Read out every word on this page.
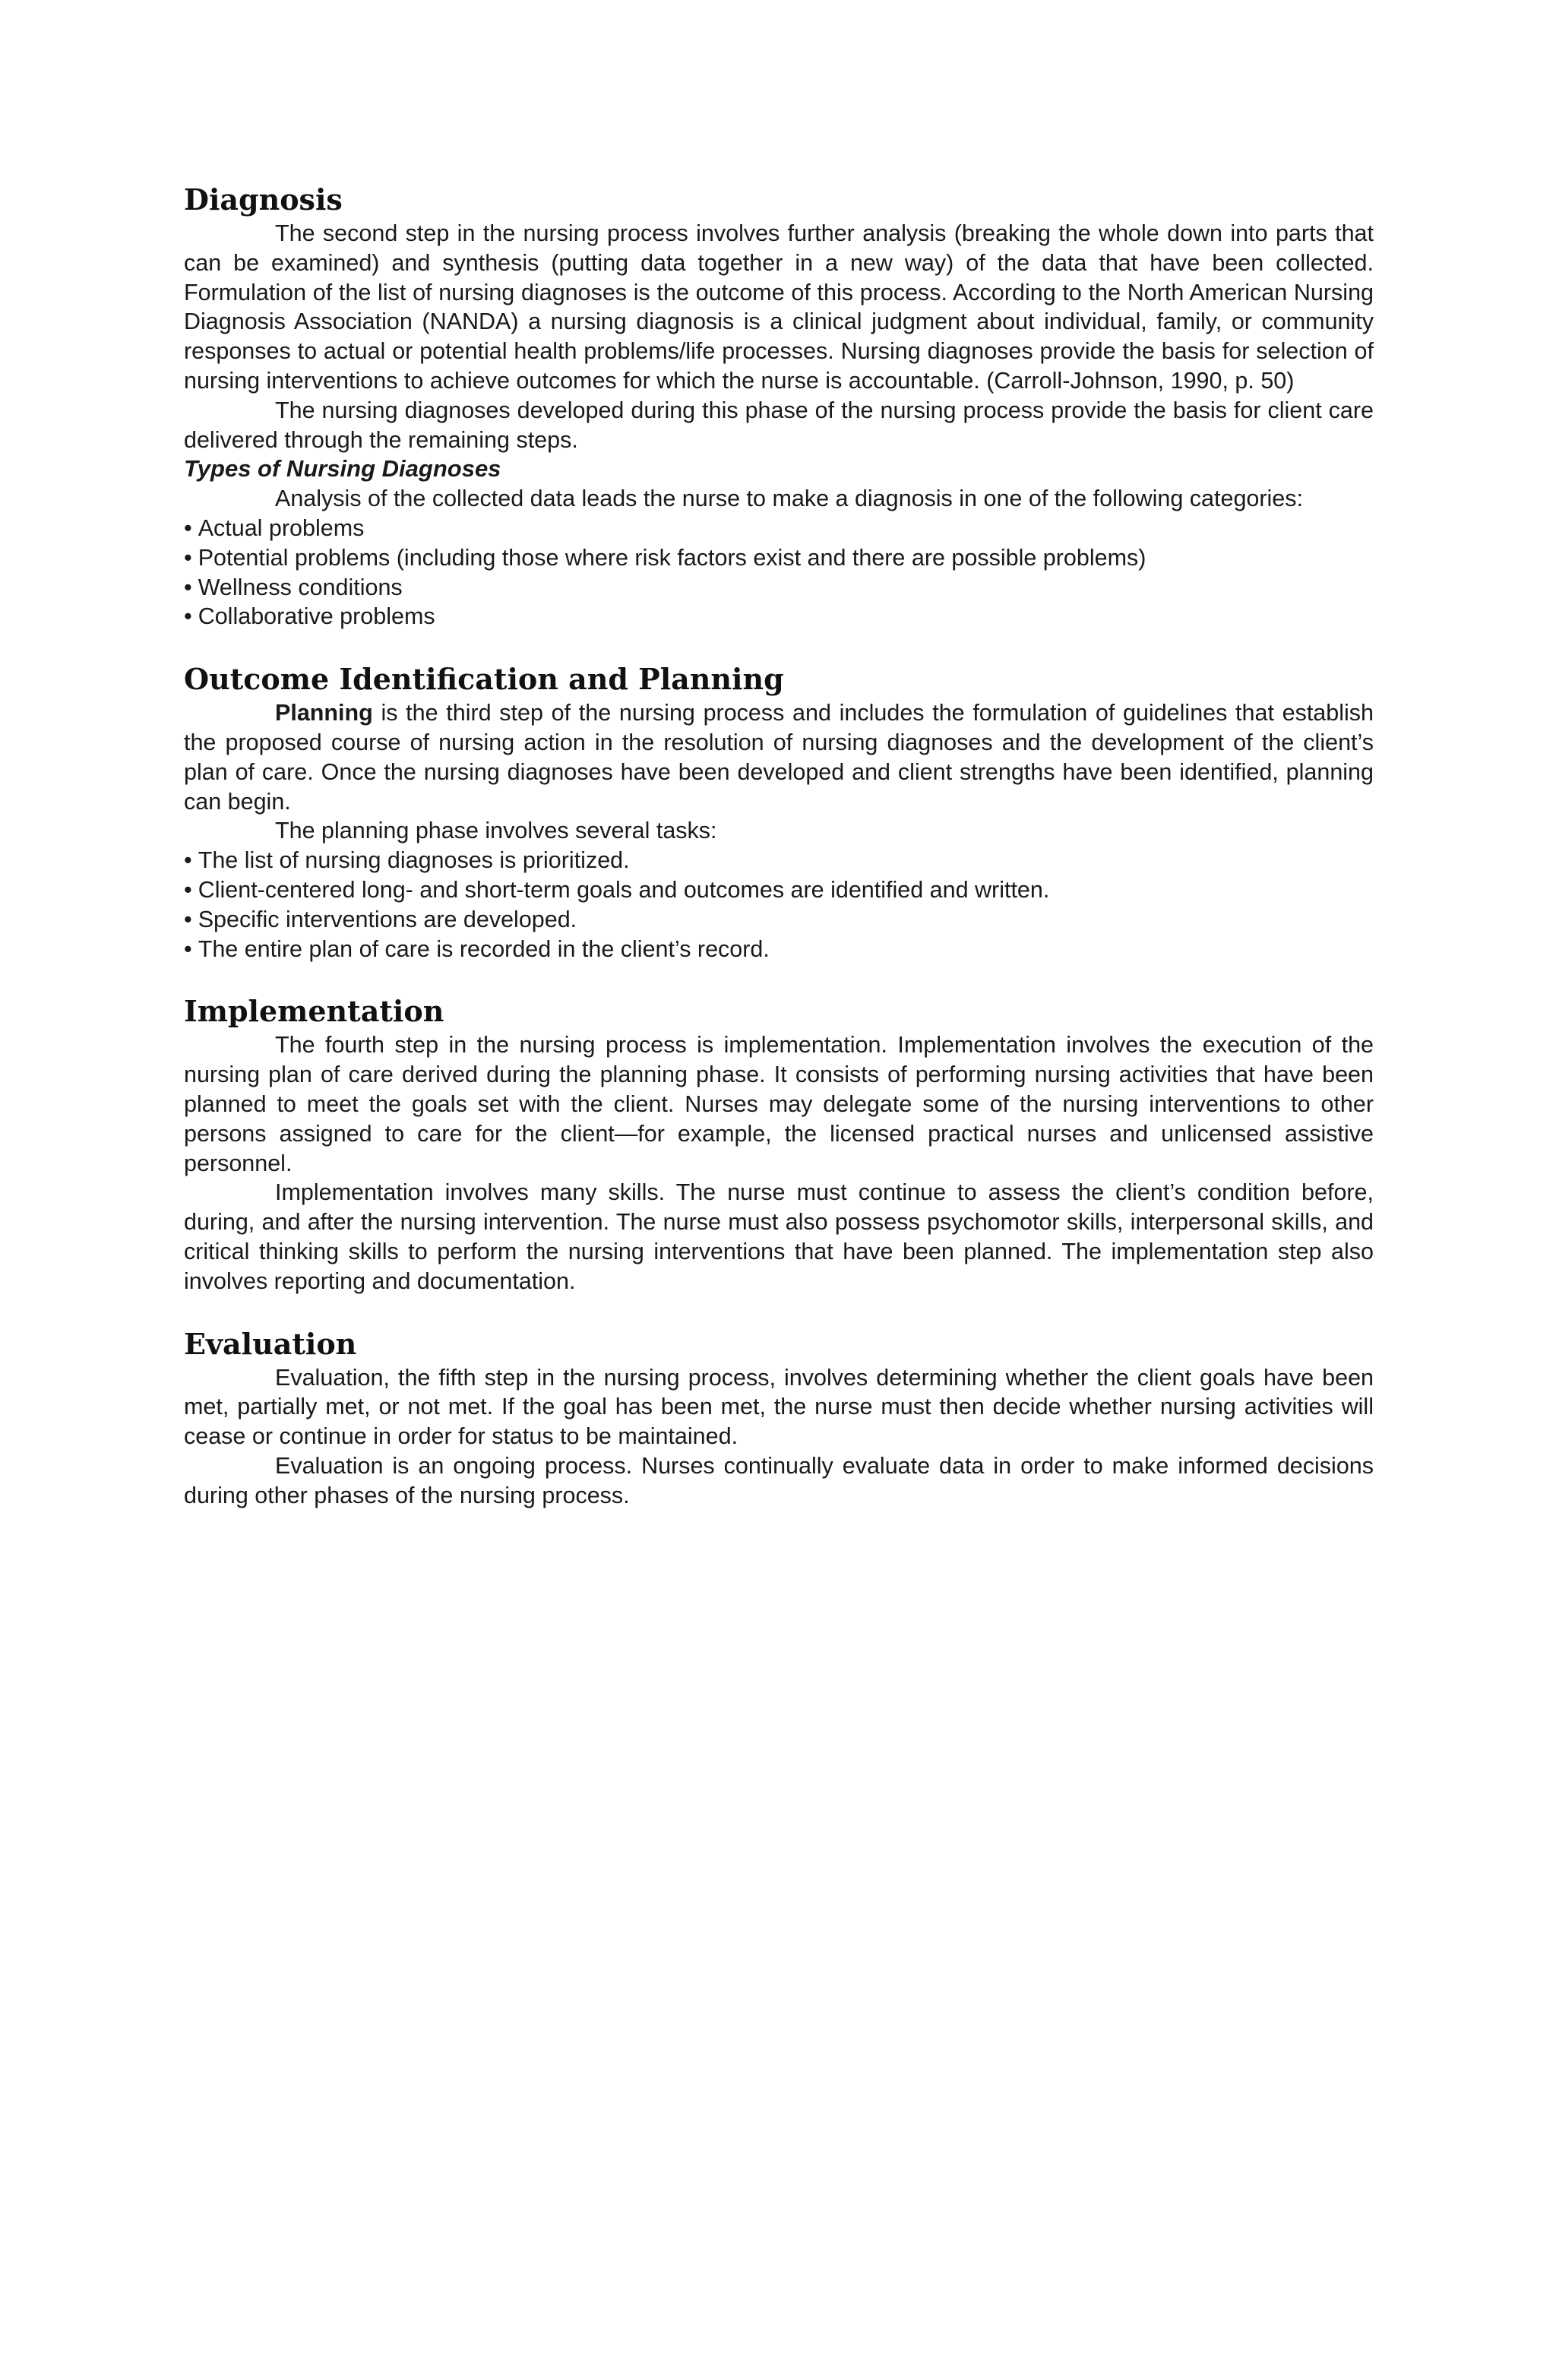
Diagnosis

The second step in the nursing process involves further analysis (breaking the whole down into parts that can be examined) and synthesis (putting data together in a new way) of the data that have been collected. Formulation of the list of nursing diagnoses is the outcome of this process. According to the North American Nursing Diagnosis Association (NANDA) a nursing diagnosis is a clinical judgment about individual, family, or community responses to actual or potential health problems/life processes. Nursing diagnoses provide the basis for selection of nursing interventions to achieve outcomes for which the nurse is accountable. (Carroll-Johnson, 1990, p. 50)

The nursing diagnoses developed during this phase of the nursing process provide the basis for client care delivered through the remaining steps.

Types of Nursing Diagnoses

Analysis of the collected data leads the nurse to make a diagnosis in one of the following categories:

• Actual problems
• Potential problems (including those where risk factors exist and there are possible problems)
• Wellness conditions
• Collaborative problems
Outcome Identification and Planning

Planning is the third step of the nursing process and includes the formulation of guidelines that establish the proposed course of nursing action in the resolution of nursing diagnoses and the development of the client’s plan of care. Once the nursing diagnoses have been developed and client strengths have been identified, planning can begin.

The planning phase involves several tasks:

• The list of nursing diagnoses is prioritized.
• Client-centered long- and short-term goals and outcomes are identified and written.
• Specific interventions are developed.
• The entire plan of care is recorded in the client’s record.
Implementation

The fourth step in the nursing process is implementation. Implementation involves the execution of the nursing plan of care derived during the planning phase. It consists of performing nursing activities that have been planned to meet the goals set with the client. Nurses may delegate some of the nursing interventions to other persons assigned to care for the client—for example, the licensed practical nurses and unlicensed assistive personnel.

Implementation involves many skills. The nurse must continue to assess the client’s condition before, during, and after the nursing intervention. The nurse must also possess psychomotor skills, interpersonal skills, and critical thinking skills to perform the nursing interventions that have been planned. The implementation step also involves reporting and documentation.

Evaluation

Evaluation, the fifth step in the nursing process, involves determining whether the client goals have been met, partially met, or not met. If the goal has been met, the nurse must then decide whether nursing activities will cease or continue in order for status to be maintained.

Evaluation is an ongoing process. Nurses continually evaluate data in order to make informed decisions during other phases of the nursing process.
